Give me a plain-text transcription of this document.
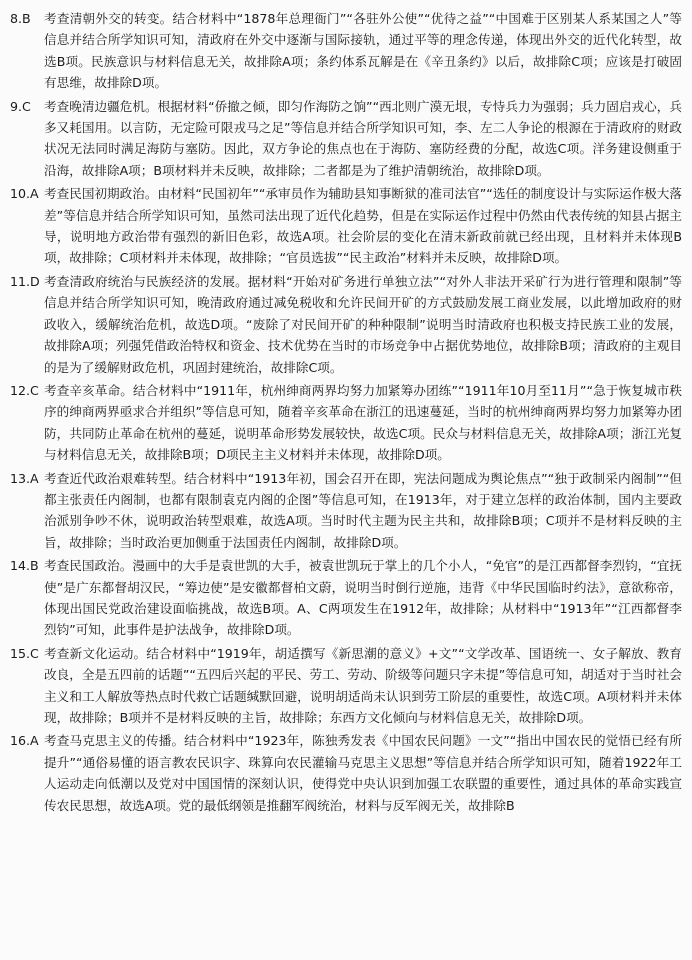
8.B 考查清朝外交的转变。结合材料中“1878年总理衙门”“各驻外公使”“优待之益”“中国难于区别某人系某国之人”等信息并结合所学知识可知，清政府在外交中逐渐与国际接轨，通过平等的理念传递，体现出外交的近代化转型，故选B项。民族意识与材料信息无关，故排除A项；条约体系瓦解是在《辛丑条约》以后，故排除C项；应该是打破固有思维，故排除D项。
9.C 考查晚清边疆危机。根据材料“侨撤之倾，即匀作海防之饷”“西北则广漠无垠，专恃兵力为强弱；兵力固启戎心，兵多又耗国用。以言防，无定险可限戎马之足”等信息并结合所学知识可知，李、左二人争论的根源在于清政府的财政状况无法同时满足海防与塞防。因此，双方争论的焦点也在于海防、塞防经费的分配，故选C项。洋务建设侧重于沿海，故排除A项；B项材料并未反映，故排除；二者都是为了维护清朝统治，故排除D项。
10.A 考查民国初期政治。由材料“民国初年”“承审员作为辅助县知事断狱的准司法官”“选任的制度设计与实际运作极大落差”等信息并结合所学知识可知，虽然司法出现了近代化趋势，但是在实际运作过程中仍然由代表传统的知县占据主导，说明地方政治带有强烈的新旧色彩，故选A项。社会阶层的变化在清末新政前就已经出现，且材料并未体现B项，故排除；C项材料并未体现，故排除；“官员选拔”“民主政治”材料并未反映，故排除D项。
11.D 考查清政府统治与民族经济的发展。据材料“开始对矿务进行单独立法”“对外人非法开采矿行为进行管理和限制”等信息并结合所学知识可知，晚清政府通过减免税收和允许民间开矿的方式鼓励发展工商业发展，以此增加政府的财政收入，缓解统治危机，故选D项。“废除了对民间开矿的种种限制”说明当时清政府也积极支持民族工业的发展，故排除A项；列强凭借政治特权和资金、技术优势在当时的市场竞争中占据优势地位，故排除B项；清政府的主观目的是为了缓解财政危机，巩固封建统治，故排除C项。
12.C 考查辛亥革命。结合材料中“1911年，杭州绅商两界均努力加紧筹办团练”“1911年10月至11月”“急于恢复城市秩序的绅商两界亟求合并组织”等信息可知，随着辛亥革命在浙江的迅速蔓延，当时的杭州绅商两界均努力加紧筹办团防，共同防止革命在杭州的蔓延，说明革命形势发展较快，故选C项。民众与材料信息无关，故排除A项；浙江光复与材料信息无关，故排除B项；D项民主主义材料并未体现，故排除D项。
13.A 考查近代政治艰难转型。结合材料中“1913年初，国会召开在即，宪法问题成为舆论焦点”“独于政制采内阁制”“但都主张责任内阁制，也都有限制袁克内阁的企图”等信息可知，在1913年，对于建立怎样的政治体制，国内主要政治派别争吵不休，说明政治转型艰难，故选A项。当时时代主题为民主共和，故排除B项；C项并不是材料反映的主旨，故排除；当时政治更加侧重于法国责任内阁制，故排除D项。
14.B 考查民国政治。漫画中的大手是袁世凯的大手，被袁世凯玩于掌上的几个小人，“免官”的是江西都督李烈钧，“宜抚使”是广东都督胡汉民，“筹边使”是安徽都督柏文蔚，说明当时倒行逆施，违背《中华民国临时约法》，意欲称帝，体现出国民党政治建设面临挑战，故选B项。A、C两项发生在1912年，故排除；从材料中“1913年”“江西都督李烈钧”可知，此事件是护法战争，故排除D项。
15.C 考查新文化运动。结合材料中“1919年，胡适撰写《新思潮的意义》+文”“文学改革、国语统一、女子解放、教育改良，全是五四前的话题”“五四后兴起的平民、劳工、劳动、阶级等问题只字未提”等信息可知，胡适对于当时社会主义和工人解放等热点时代救亡话题缄默回避，说明胡适尚未认识到劳工阶层的重要性，故选C项。A项材料并未体现，故排除；B项并不是材料反映的主旨，故排除；东西方文化倾向与材料信息无关，故排除D项。
16.A 考查马克思主义的传播。结合材料中“1923年，陈独秀发表《中国农民问题》一文”“指出中国农民的觉悟已经有所提升”“通俗易懂的语言教农民识字、珠算向农民灌输马克思主义思想”等信息并结合所学知识可知，随着1922年工人运动走向低潮以及党对中国国情的深刻认识，使得党中央认识到加强工农联盟的重要性，通过具体的革命实践宣传农民思想，故选A项。党的最低纲领是推翻军阀统治，材料与反军阀无关，故排除B
